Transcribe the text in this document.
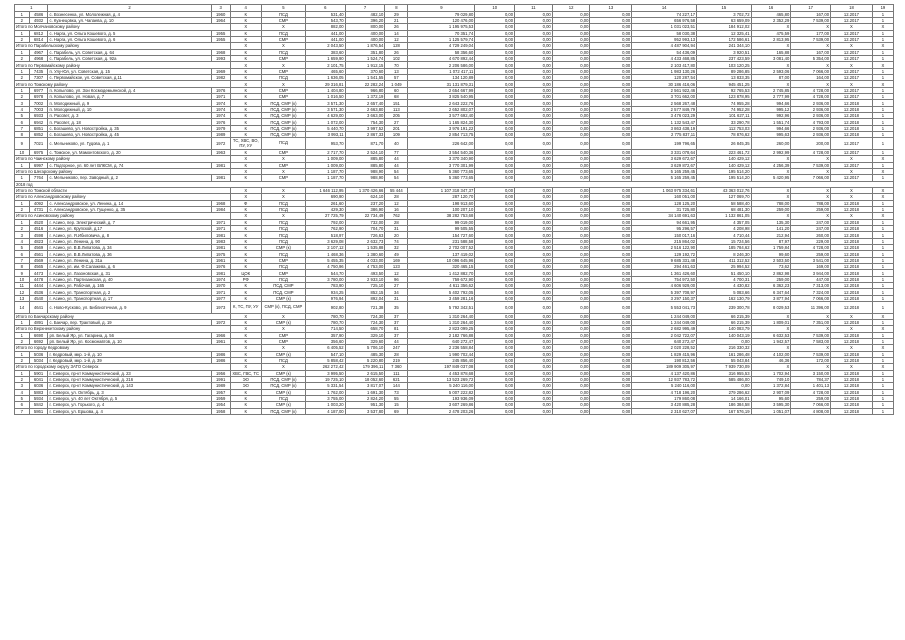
1		2	3	4	5	6	7	8	9	10	11	12	13	14	15	16	17	18	19
1	4586	с. Вознесенка, ул. Мололежная, д. 4	1960	К	ПСД	531,40	482,10	29	79 029,80	0,00	0,00	0,00	0,00	74 227,17	3 702,72	465,80	167,00	12.2017	1
2	4932	с. Кузнецовка, ул. Чапаева, д. 10	1964	К	СМР	543,70	396,20	21	120 476,00	0,00	0,00	0,00	0,00	656 976,58	63 659,09	2 352,29	7 539,00	12.2017	1
Итого по Молчановскому району				Х	Х	882,00	800,00	26	1 195 975,53	0,00	0,00	0,00	0,00	1 031 023,51	184 912,02	Х	Х	Х	Х
1	6812	с. Нарга, ул. Ольга Кошевого, д. 5	1955	К	ПСД	441,00	400,00	14	70 351,74	0,00	0,00	0,00	0,00	58 030,38	12 325,41	475,59	177,00	12.2017	1
2	6814	с. Нарга, ул. Ольга Кошевого, д. 6	1955	К	СМР	441,00	400,00	12	1 125 579,74	0,00	0,00	0,00	0,00	952 993,13	172 586,61	2 813,95	7 539,00	12.2017	1
Итого по Парабельскому району				Х	Х	2 043,50	1 876,54	128	4 729 249,04	0,00	0,00	0,00	0,00	4 487 904,94	241 344,10	Х	Х	Х	Х
1	4967	с. Парабель, ул. Советская, д. 64	1968	К	ПСД	383,60	351,80	26	58 356,60	0,00	0,00	0,00	0,00	54 436,09	3 920,51	165,88	167,00	12.2017	1
2	4968	с. Парабель, ул. Советская, д. 92а	1993	К	СМР	1 659,90	1 524,74	102	4 670 892,44	0,00	0,00	0,00	0,00	4 433 468,85	237 423,59	3 081,40	5 354,00	12.2017	1
Итого по Первомайскому району				Х	Х	2 101,75	1 912,15	70	2 206 586,00	0,00	0,00	0,00	0,00	2 103 417,80	103 120,25	Х	Х	Х	Х
1	7435	п. Улу-Юл, ул. Советская, д. 15	1969	К	СМР	465,60	370,60	13	1 072 417,11	0,00	0,00	0,00	0,00	1 983 130,26	89 286,85	2 593,06	7 066,00	12.2017	1
2	7307	с. Первомайское, ул. Советская, д.11	1982	К	ПСД	1 636,05	1 541,55	57	134 120,89	0,00	0,00	0,00	0,00	120 287,54	13 833,35	87,00	164,00	12.2017	1
Итого по Томскому району				Х	Х	29 316,81	22 282,24	1 049	31 131 879,31	0,00	0,00	0,00	0,00	30 186 416,06	945 451,25	Х	Х	Х	Х
1	6977	п. Копылово, ул. Зои Космодемьянской, д. 4	1976	К	СМР	1 404,80	966,80	60	2 654 667,99	0,00	0,00	0,00	0,00	2 561 922,46	92 765,53	2 745,85	4 728,00	12.2017	1
2	6978	п. Копылово, ул. Новая, д. 7	1971	К	СМР	1 016,50	1 372,19	68	3 825 540,95	0,00	0,00	0,00	0,00	3 701 662,00	123 878,95	2 777,99	4 728,00	12.2017	1
3	7002	п. Молодежный, д. 9	1974	К	ПСД, СМР (к)	3 571,30	2 657,40	151	2 643 222,76	0,00	0,00	0,00	0,00	2 568 267,48	74 955,28	994,66	2 936,00	12.2018	1
4	7003	п. Молодежный, д. 10	1974	К	ПСД, СМР (к)	3 571,30	2 663,80	113	2 652 802,07	0,00	0,00	0,00	0,00	2 577 849,79	74 952,28	995,12	2 936,00	12.2018	1
5	6933	п. Рассвет, д. 3	1974	К	ПСД, СМР (к)	4 629,00	3 663,00	205	3 577 692,40	0,00	0,00	0,00	0,00	3 476 023,29	101 627,11	992,96	2 936,00	12.2018	1
6	6942	п. Рассвет, д. 18	1976	К	ПСД, СМР (к)	1 072,00	754,30	27	1 165 824,30	0,00	0,00	0,00	0,00	1 132 543,47	33 290,78	1 551,74	4 793,00	12.2018	1
7	6851	с. Богашево, ул. Новостройка, д. 35	1979	К	ПСД, СМР (к)	5 440,70	3 997,52	201	3 976 191,22	0,00	0,00	0,00	0,00	3 863 438,19	112 753,03	994,66	2 936,00	12.2018	1
8	6852	с. Богашево, ул. Новостройка, д. 45	1989	К	ПСД, СМР (к)	3 993,11	2 867,33	109	2 854 713,75	0,00	0,00	0,00	0,00	2 775 837,11	78 876,62	995,63	2 936,00	12.2018	1
9	7021	с. Мельниково, ул. Гудова, д. 1	1972	ТС, ХВС, ВО, ПУ, УУ	ПСД	953,70	871,70	40	226 642,00	0,00	0,00	0,00	0,00	199 796,65	26 845,35	260,00	200,00	12.2017	1
10	6975	с. Томское, ул. Мамонтовского, д. 20	1963	К	СМР	2 717,70	2 524,10	77	3 554 540,36	0,00	0,00	0,00	0,00	3 331 078,64	223 461,72	2 992,99	4 728,00	12.2017	1
Итого по Чаинскому району				Х	Х	1 009,00	885,80	44	3 370 340,90	0,00	0,00	0,00	0,00	3 629 672,67	140 429,12	Х	Х	Х	Х
1	6997	с. Подгорное, ул. 60 лет ВЛКСМ, д. 74	1981	К	СМР	1 009,00	885,80	44	3 770 301,99	0,00	0,00	0,00	0,00	3 629 872,67	140 429,12	4 256,39	7 539,00	12.2017	1
Итого по Шегарскому району				Х	Х	1 187,70	988,90	54	5 360 773,65	0,00	0,00	0,00	0,00	5 165 259,45	195 514,20	Х	Х	Х	Х
1	7764	с. Мельниково, пер. Заводный, д. 2	1981	К	СМР	1 187,70	988,90	54	5 360 773,65	0,00	0,00	0,00	0,00	5 165 259,45	195 514,20	5 420,95	7 066,00	12.2017	1
2018 год																			
Итого по Томской области				Х	Х	1 646 112,95	1 370 426,66	55 444	1 107 318 347,37	0,00	0,00	0,00	0,00	1 063 975 334,61	43 363 012,76	Х	Х	Х	Х
Итого по Александровскому району				Х	Х	690,90	624,10	28	287 120,70	0,00	0,00	0,00	0,00	160 051,00	127 069,70	Х	Х	Х	Х
1	4092	с. Александровское, ул. Ленина, д. 14	1968	Ф	ПСД	261,60	237,20	12	198 913,60	0,00	0,00	0,00	0,00	128 125,20	58 588,40	788,00	788,00	12.2018	1
2	4731	с. Александровское, ул. Гущенко, д. 35	1984	К	ПСД	429,30	386,90	16	100 207,10	0,00	0,00	0,00	0,00	31 725,80	68 481,30	259,00	259,00	12.2018	1
Итого по Асиновскому району				Х	Х	27 725,79	22 734,49	762	38 282 753,68	0,00	0,00	0,00	0,00	34 140 691,63	1 132 861,05	Х	Х	Х	Х
1	4520	г. Асино, пер. Электрический, д. 7	1971	К	ПСД	792,00	732,00	28	99 019,00	0,00	0,00	0,00	0,00	94 661,95	4 357,05	135,30	247,00	12.2018	1
2	4516	г. Асино, ул. Крупской, д.17	1971	К	ПСД	762,90	704,70	31	99 505,55	0,00	0,00	0,00	0,00	95 296,57	4 208,98	141,20	247,00	12.2018	1
3	4598	г. Асино, ул. Я.Ибиловича, д. 8	1981	К	ПСД	518,97	726,63	20	154 727,60	0,00	0,00	0,00	0,00	150 017,16	4 710,44	212,94	260,00	12.2018	1
4	4823	г. Асино, ул. Ленина, д. 90	1983	К	ПСД	3 629,08	2 632,73	74	231 588,58	0,00	0,00	0,00	0,00	215 864,02	15 724,56	87,97	229,00	12.2018	1
5	4569	г. Асино, ул. В.В.Липатова, д. 34	1981	К	СМР (к)	2 107,12	1 535,88	32	2 702 007,52	0,00	0,00	0,00	0,00	2 516 122,90	185 784,62	1 759,84	4 728,00	12.2018	1
6	4561	г. Асино, ул. В.В.Липатова, д. 36	1975	К	ПСД	1 468,36	1 380,60	49	137 419,02	0,00	0,00	0,00	0,00	129 192,72	8 246,30	99,60	259,00	12.2018	1
7	4569	г. Асино, ул. Ленина, д. 31а	1961	К	СМР	5 455,35	4 033,00	169	10 096 645,96	0,00	0,00	0,00	0,00	9 685 331,48	411 312,52	2 503,50	3 541,00	12.2018	1
8	4565	г. Асино, ул. им. Ф.Салажева, д. 6	1976	К	ПСД	4 750,96	4 753,00	123	320 465,15	0,00	0,00	0,00	0,00	294 461,63	25 994,52	73,62	169,00	12.2018	1
9	4473	г. Асино, ул. Лазоновская, д. 31	1981	ЦОК	СМР	544,70	493,50	12	1 412 882,70	0,00	0,00	0,00	0,00	1 361 426,60	51 450,10	2 862,98	3 944,00	12.2018	1
10	4478	г. Асино, ул. Партизанская, д. 40	1974	РФ	ПСД	3 780,00	2 933,10	96	759 672,90	0,00	0,00	0,00	0,00	754 972,50	4 700,31	259,00	447,00	12.2018	1
11	4444	г. Асино, ул. Рабочая, д. 165	1970	К	ПСД, СМР	783,90	725,10	27	4 611 356,62	0,00	0,00	0,00	0,00	4 606 929,00	4 430,82	6 362,23	7 313,00	12.2018	1
12	4536	г. Асино, ул. Транспортная, д. 2	1971	К	ПСД, СМР	934,25	852,15	34	5 402 792,05	0,00	0,00	0,00	0,00	5 397 708,97	5 083,66	6 347,64	7 324,00	12.2018	1
13	4540	г. Асино, ул. Транспортная, д. 17	1977	К	СМР (к)	976,94	892,04	31	3 459 281,16	0,00	0,00	0,00	0,00	3 297 150,37	162 130,79	3 877,94	7 066,00	12.2018	1
14	4641	с. Ново-Кусково, ул. Библиотечная, д. 9	1973	К, ТС, ПУ, УУ	СМР (к), ПСД, СМР	902,80	721,38	35	5 792 342,51	0,00	0,00	0,00	0,00	5 553 041,73	239 300,78	8 029,53	11 396,00	12.2018	1
Итого по Бакчарскому району				Х	Х	780,70	724,30	37	1 310 264,40	0,00	0,00	0,00	0,00	1 244 049,00	66 215,39	Х	Х	Х	Х
1	4891	с. Бакчар, пер. Трактовый, д. 19	1972	К	СМР (к)	780,70	724,30	37	1 310 264,40	0,00	0,00	0,00	0,00	1 244 049,00	66 215,39	1 809,01	7 351,00	12.2018	1
Итого по Верхнекетскому району				Х	Х	714,50	658,70	81	2 823 099,25	0,00	0,00	0,00	0,00	2 682 995,49	140 083,79	Х	Х	Х	Х
1	6690	рп. Белый Яр, ул. Гагарина, д. 56	1966	К	СМР	357,90	329,10	37	2 182 766,88	0,00	0,00	0,00	0,00	2 042 722,07	140 043,19	6 632,53	7 539,00	12.2018	1
2	6692	рп. Белый Яр, ул. Космонавтов, д. 10	1961	К	СМР	356,60	329,60	44	640 272,47	0,00	0,00	0,00	0,00	640 272,47	0,00	1 942,57	7 583,00	12.2018	1
Итого по городу Кедровому				Х	Х	6 405,52	5 706,10	247	2 236 558,84	0,00	0,00	0,00	0,00	2 020 228,52	216 330,32	Х	Х	Х	Х
1	5036	г. Кедровый, мкр. 1-й, д. 10	1986	К	СМР (к)	547,10	485,30	28	1 990 702,44	0,00	0,00	0,00	0,00	1 829 415,96	161 286,48	4 102,00	7 539,00	12.2018	1
2	5034	г. Кедровый, мкр. 1-й, д. 39	1986	К	ПСД	5 858,42	5 220,80	219	245 856,40	0,00	0,00	0,00	0,00	190 812,56	55 043,84	46,36	172,00	12.2018	1
Итого по городскому округу ЗАТО Северск				Х	Х	262 272,42	179 396,11	7 360	197 849 037,08	0,00	0,00	0,00	0,00	189 909 305,97	7 939 730,09	Х	Х	Х	Х
1	5901	г. Северск, пр-кт Коммунистический, д. 23	1956	ХВС, ГВС, ТС	СМР (к)	3 995,50	2 615,50	111	4 453 878,68	0,00	0,00	0,00	0,00	4 137 420,86	316 955,53	1 702,94	3 150,00	12.2018	1
2	6041	г. Северск, пр-кт Коммунистический, д. 216	1991	ЭО	ПСД, СМР (к)	19 725,10	18 052,60	621	13 523 269,72	0,00	0,00	0,00	0,00	12 937 783,72	585 486,00	749,10	784,37	12.2018	1
3	6036	г. Северск, пр-кт Коммунистический, д. 143	1989	ЭО	ПСД, СМР (к)	5 331,54	3 817,07	144	5 240 116,00	0,00	0,00	0,00	0,00	5 240 116,00	0,00	1 372,84	1 401,13	12.2018	1
4	5883	г. Северск, ул. Октябрь, д. 3	1957	К	СМР (к)	1 762,00	1 691,30	73	5 007 222,82	0,00	0,00	0,00	0,00	4 718 196,20	279 286,62	2 907,09	4 728,00	12.2018	1
5	5934	г. Северск, ул. 40 лет Октября, д. 5	1959	К	ПСД	3 755,00	2 824,20	55	193 936,09	0,00	0,00	0,00	0,00	179 860,08	14 166,01	95,60	259,00	12.2018	1
6	5842	г. Северск, ул. Горького, д. 4	1954	К	СМР (к)	1 003,20	951,30	15	3 607 269,86	0,00	0,00	0,00	0,00	3 420 885,28	186 384,58	3 595,30	7 066,00	12.2018	1
7	5861	г. Северск, ул. Ершова, д. 4	1958	К	ПСД, СМР (к)	4 187,00	3 537,80	69	2 478 203,26	0,00	0,00	0,00	0,00	2 310 627,07	167 576,19	1 051,07	4 808,00	12.2018	1
